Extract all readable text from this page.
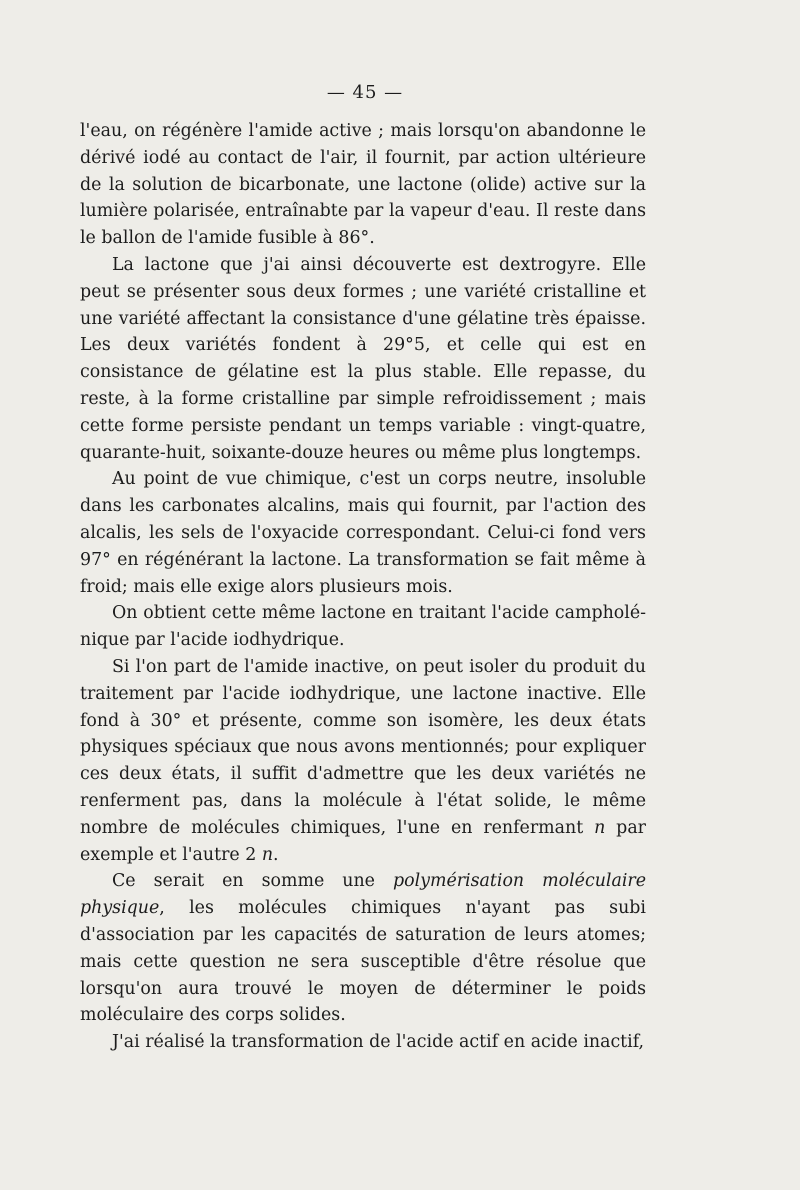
— 45 —

l'eau, on régénère l'amide active ; mais lorsqu'on abandonne le dérivé iodé au contact de l'air, il fournit, par action ultérieure de la solution de bicarbonate, une lactone (olide) active sur la lumière polarisée, entraînabte par la vapeur d'eau. Il reste dans le ballon de l'amide fusible à 86°.

La lactone que j'ai ainsi découverte est dextrogyre. Elle peut se présenter sous deux formes ; une variété cristalline et une variété affectant la consistance d'une gélatine très épaisse. Les deux variétés fondent à 29°5, et celle qui est en consistance de gélatine est la plus stable. Elle repasse, du reste, à la forme cristalline par simple refroidissement ; mais cette forme persiste pendant un temps variable : vingt-quatre, quarante-huit, soixante-douze heures ou même plus longtemps.

Au point de vue chimique, c'est un corps neutre, insoluble dans les carbonates alcalins, mais qui fournit, par l'action des alcalis, les sels de l'oxyacide correspondant. Celui-ci fond vers 97° en régénérant la lactone. La transformation se fait même à froid; mais elle exige alors plusieurs mois.

On obtient cette même lactone en traitant l'acide campholé-nique par l'acide iodhydrique.

Si l'on part de l'amide inactive, on peut isoler du produit du traitement par l'acide iodhydrique, une lactone inactive. Elle fond à 30° et présente, comme son isomère, les deux états physiques spéciaux que nous avons mentionnés; pour expliquer ces deux états, il suffit d'admettre que les deux variétés ne renferment pas, dans la molécule à l'état solide, le même nombre de molécules chimiques, l'une en renfermant n par exemple et l'autre 2 n.

Ce serait en somme une polymérisation moléculaire physique, les molécules chimiques n'ayant pas subi d'association par les capacités de saturation de leurs atomes; mais cette question ne sera susceptible d'être résolue que lorsqu'on aura trouvé le moyen de déterminer le poids moléculaire des corps solides.

J'ai réalisé la transformation de l'acide actif en acide inactif,
